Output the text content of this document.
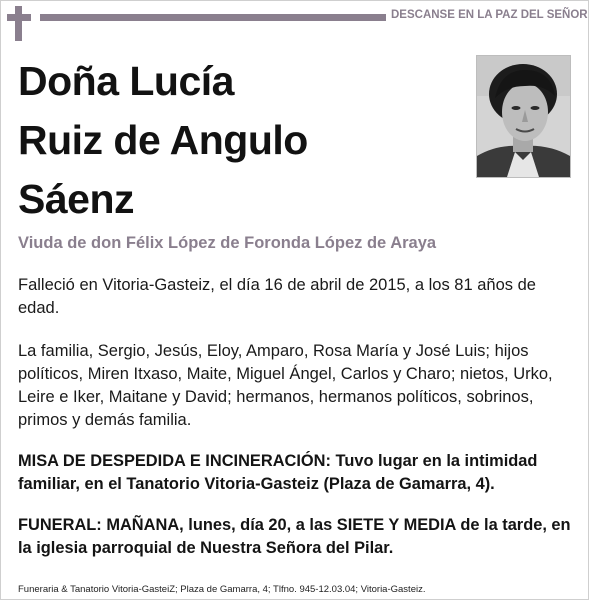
DESCANSE EN LA PAZ DEL SEÑOR
Doña Lucía
Ruiz de Angulo
Sáenz
Viuda de don Félix López de Foronda López de Araya
Falleció en Vitoria-Gasteiz, el día 16 de abril de 2015, a los 81 años de edad.
La familia, Sergio, Jesús, Eloy, Amparo, Rosa María y José Luis; hijos políticos, Miren Itxaso, Maite, Miguel Ángel, Carlos y Charo; nietos, Urko, Leire e Iker, Maitane y David; hermanos, hermanos políticos, sobrinos, primos y demás familia.
MISA DE DESPEDIDA E INCINERACIÓN: Tuvo lugar en la intimidad familiar, en el Tanatorio Vitoria-Gasteiz (Plaza de Gamarra, 4).
FUNERAL: MAÑANA, lunes, día 20, a las SIETE Y MEDIA de la tarde, en la iglesia parroquial de Nuestra Señora del Pilar.
Funeraria & Tanatorio Vitoria-GasteiZ; Plaza de Gamarra, 4; Tlfno. 945-12.03.04; Vitoria-Gasteiz.
